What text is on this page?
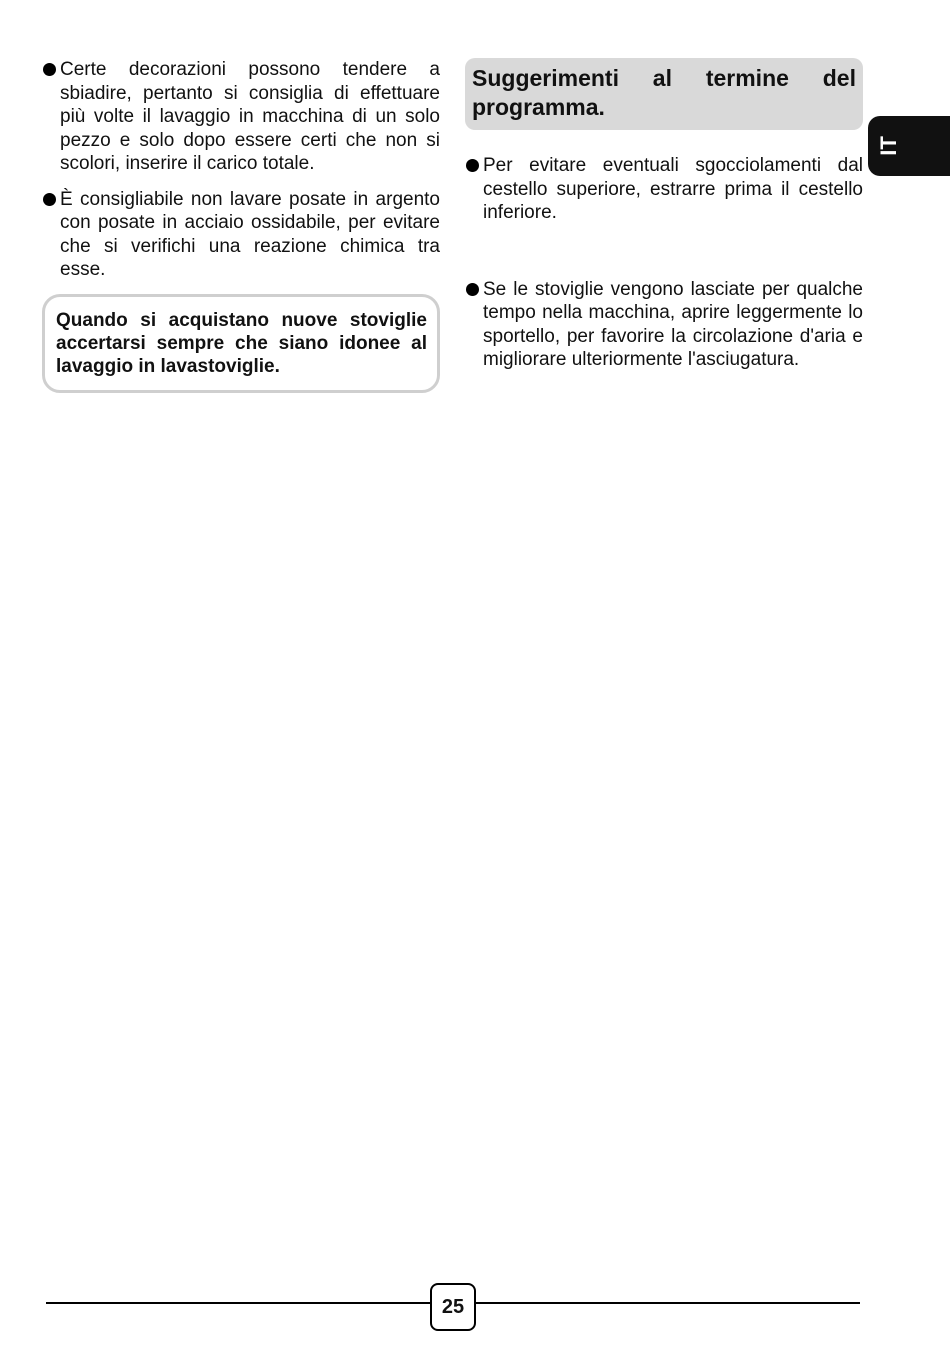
Certe decorazioni possono tendere a sbiadire, pertanto si consiglia di effettuare più volte il lavaggio in macchina di un solo pezzo e solo dopo essere certi che non si scolori, inserire il carico totale.
È consigliabile non lavare posate in argento con posate in acciaio ossidabile, per evitare che si verifichi una reazione chimica tra esse.
Quando si acquistano nuove stoviglie accertarsi sempre che siano idonee al lavaggio in lavastoviglie.
Suggerimenti al termine del programma.
Per evitare eventuali sgocciolamenti dal cestello superiore, estrarre prima il cestello inferiore.
Se le stoviglie vengono lasciate per qualche tempo nella macchina, aprire leggermente lo sportello, per favorire la circolazione d'aria e migliorare ulteriormente l'asciugatura.
IT
25
